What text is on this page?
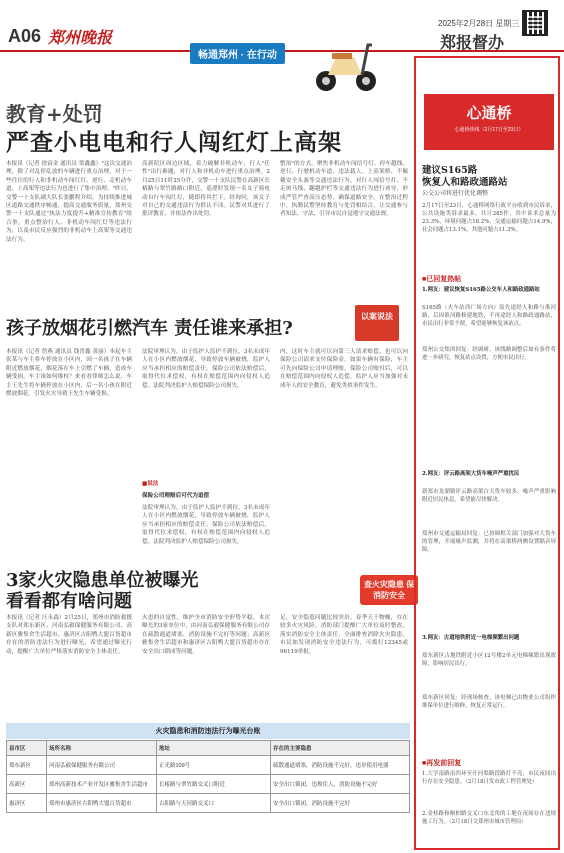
A06 郑州晚报
2025年2月28日 星期三
郑报督办
畅通郑州 · 在行动
教育+处罚
严查小电电和行人闯红灯上高架
本报讯（记者 徐富金 通讯员 常鑫鑫）"这次交通治理，除了对乱停乱放的车辆进行重点治理，对于一些往往的行人和非机动车闯红灯、逆行、走机动车道、上高架等违法行为也进行了集中治理。"昨日，交警一十支队副大队长张鹏程介绍。为持续推进城区道路交通秩序畅通，提高交通服务质量，郑州交警一十支队通过"执法力度提升+精准宣传教育"组合拳，重点整治行人、非机动车闯红灯等违法行为，以及市民反应强烈的非机动车上高架等交通违法行为。
高新院区周边区域，着力破解非机动车、行人"任性"出行难题，对行人和非机动车进行重点治理。2月25日11时25分许，交警一十支队民警在高新区长椿路与翠竹路路口附近，巡逻时发现一名女子骑电动自行车闯红灯，随即将其拦下。经询问，该女子对自己的交通违法行为供认不讳。民警对其进行了批评教育，并依法作出处罚。
整治"的方式，聚焦非机动车闯信号灯、停车越线、逆行、行驶机动车道、违法载人、上高架桥、不佩戴安全头盔等交通违法行为，对行人闯信号灯、不走斑马线、翻越护栏等交通违法行为进行劝导，形成严管严查高压态势，确保道路安全。在整治过程中，执勤民警坚持教育与处罚相结合，让交通参与者知法、守法，引导市民自觉遵守交通法规。
孩子放烟花引燃汽车 责任谁来承担?
以案说法
本报讯（记者 詹燕 通讯员 钱普鑫 黄丽）本起车主张某与车主将车停放在小区内，因一名孩子在车辆附近燃放烟花，烟花落在车上引燃了车辆，造成车辆受损。车主该如何维权？来看看律师怎么说。车主王先生将车辆停放在小区内，后一名小孩在附近燃放烟花，引发火灾导致王先生车辆受损。
法院审理认为，由于监护人监护不到位，3名未成年人在小区内燃放烟花，导致停放车辆被烧，监护人应当承担相应的赔偿责任。保险公司依法赔偿后，取得代位求偿权，有权在赔偿范围内向侵权人追偿。法院判决监护人赔偿保险公司损失。
■说法
保险公司理赔后可代为追偿
法院审理认为，由于监护人监护不到位，3名未成年人在小区内燃放烟花，导致停放车辆被烧，监护人应当承担相应的赔偿责任。保险公司依法赔偿后，取得代位求偿权，有权在赔偿范围内向侵权人追偿。法院判决监护人赔偿保险公司损失。
内，这时车主就可以向第三人请求赔偿，也可以向保险公司请求支付保险金。如果车辆有保险，车主可先向保险公司申请理赔，保险公司赔付后，可以在赔偿范围内向侵权人追偿。监护人应当加强对未成年人的安全教育，避免类似事件发生。
3家火灾隐患单位被曝光
看看都有啥问题
查火灾隐患 保消防安全
本报讯（记者 汪永森）2月25日，郑州市消防救援支队对郑东新区、河南弘毅保健服务有限公司、高新区雅集舍生活超市、惠济区古阳鸭大盟百货超市存在的消防违法行为进行曝光，希望通过曝光行动，提醒广大单位严格落实消防安全主体责任。
火患的自觉性，维护全市消防安全形势平稳。本次曝光的3家单位中，由河南弘毅保健服务有限公司存在疏散通道堵塞、消防设施不完好等问题；高新区雅集舍生活超市和惠济区古阳鸭大盟百货超市存在安全出口锁闭等问题。
足，安全隐患问题比较突出。春季天干物燥，存在较多火灾风险，消防部门提醒广大单位及时整改，落实消防安全主体责任，全面排查消除火灾隐患。市民如发现消防安全违法行为，可拨打12345或96119举报。
火灾隐患和消防违法行为曝光台账
县市区	场所名称	地址	存在的主要隐患
郑东新区	河南弘毅保健服务有限公司	正光路109号	疏散通道堵塞，消防设施不完好，违章使用电器
高新区	郑州高新技术产业开发区雅集舍生活超市	长椿路与翠竹路交叉口附近	安全出口锁闭，违规住人，消防设施不完好
惠济区	郑州市惠济区古阳鸭大盟百货超市	古阳路与天河路交叉口	安全出口锁闭，消防设施不完好
心通桥
心通桥热线（2月17日至23日）
建议S165路
恢复人和路政通路站
公交公司将进行优化调整
2月17日至23日，心通桥网络行政平台收到市民诉求，公共设施类诉求最多，共计285件，其中诉求总量为23.3%，环境问题占18.2%，交通运输问题占14.9%，社会问题占13.1%，其他问题占11.3%。
■已回复热帖
1.网友：建议恢复S165路公交车人和路政通路站
S165路（火车站西广场方向）原先途经人和路与淮河路，后因淮河路修建地铁，不再途经人和路政通路站，市民出行非常不便。希望能够恢复该站点。
郑州公交集团回复：经调研，该线路调整后如有条件将进一步研究，恢复站点设置，方便市民出行。
2.网友：评云路高架大货车噪声严重扰民
新郑市龙湖镇评云路高架白天货车较多，噪声严重影响附近居民休息，希望能尽快解决。
郑州市交通运输局回复：已协调相关部门加强对大货车的管理，开展噪声监测，并将在高架桥两侧设置隔音屏障。
3.网友：古道地铁附近一电梯频繁出问题
郑东新区古地铁附近小区12号楼2单元电梯频繁出现故障，影响居民出行。
郑东新区回复：经现场核查，该电梯已由物业公司组织维保单位进行维修，恢复正常运行。
■再发前回复
1.大学南路南四环至开河渠路段路灯不亮，市民夜间出行存在安全隐患。（2月18日发市政工程管理处）
2.金桂路和桐柏路交叉口东北角的工地在夜间存在违规施工行为。（2月18日交郑州市城市管理局）
